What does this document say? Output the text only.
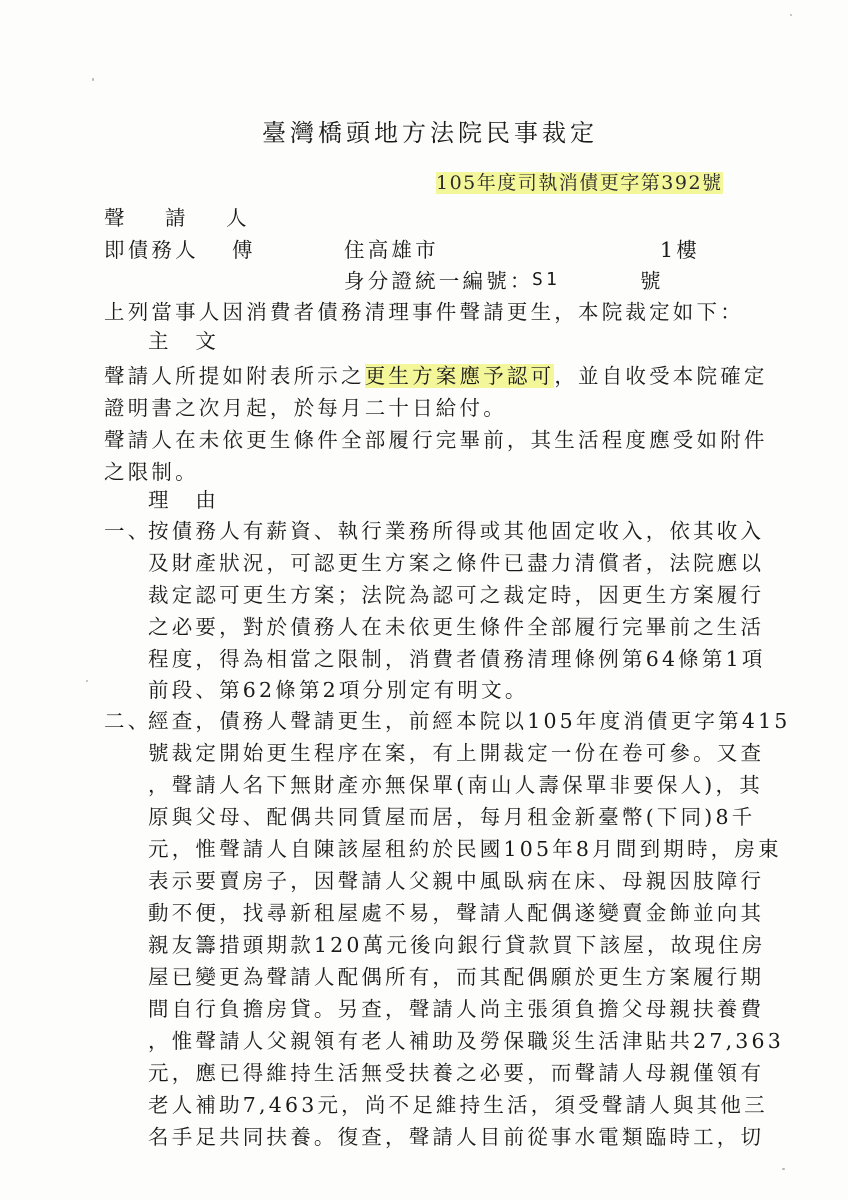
臺灣橋頭地方法院民事裁定
105年度司執消債更字第392號
聲　請　人
即債務人 傅	住高雄市	1樓
身分證統一編號：
S1	號
上列當事人因消費者債務清理事件聲請更生，本院裁定如下：
主　文
聲請人所提如附表所示之更生方案應予認可，並自收受本院確定
證明書之次月起，於每月二十日給付。
聲請人在未依更生條件全部履行完畢前，其生活程度應受如附件
之限制。
理　由
一、
按債務人有薪資、執行業務所得或其他固定收入，依其收入
及財產狀況，可認更生方案之條件已盡力清償者，法院應以
裁定認可更生方案；法院為認可之裁定時，因更生方案履行
之必要，對於債務人在未依更生條件全部履行完畢前之生活
程度，得為相當之限制，消費者債務清理條例第64條第1項
前段、第62條第2項分別定有明文。
二、
經查，債務人聲請更生，前經本院以105年度消債更字第415
號裁定開始更生程序在案，有上開裁定一份在卷可參。又查
，聲請人名下無財產亦無保單(南山人壽保單非要保人)，其
原與父母、配偶共同賃屋而居，每月租金新臺幣(下同)8千
元，惟聲請人自陳該屋租約於民國105年8月間到期時，房東
表示要賣房子，因聲請人父親中風臥病在床、母親因肢障行
動不便，找尋新租屋處不易，聲請人配偶遂變賣金飾並向其
親友籌措頭期款120萬元後向銀行貸款買下該屋，故現住房
屋已變更為聲請人配偶所有，而其配偶願於更生方案履行期
間自行負擔房貸。另查，聲請人尚主張須負擔父母親扶養費
，惟聲請人父親領有老人補助及勞保職災生活津貼共27,363
元，應已得維持生活無受扶養之必要，而聲請人母親僅領有
老人補助7,463元，尚不足維持生活，須受聲請人與其他三
名手足共同扶養。復查，聲請人目前從事水電類臨時工，切
